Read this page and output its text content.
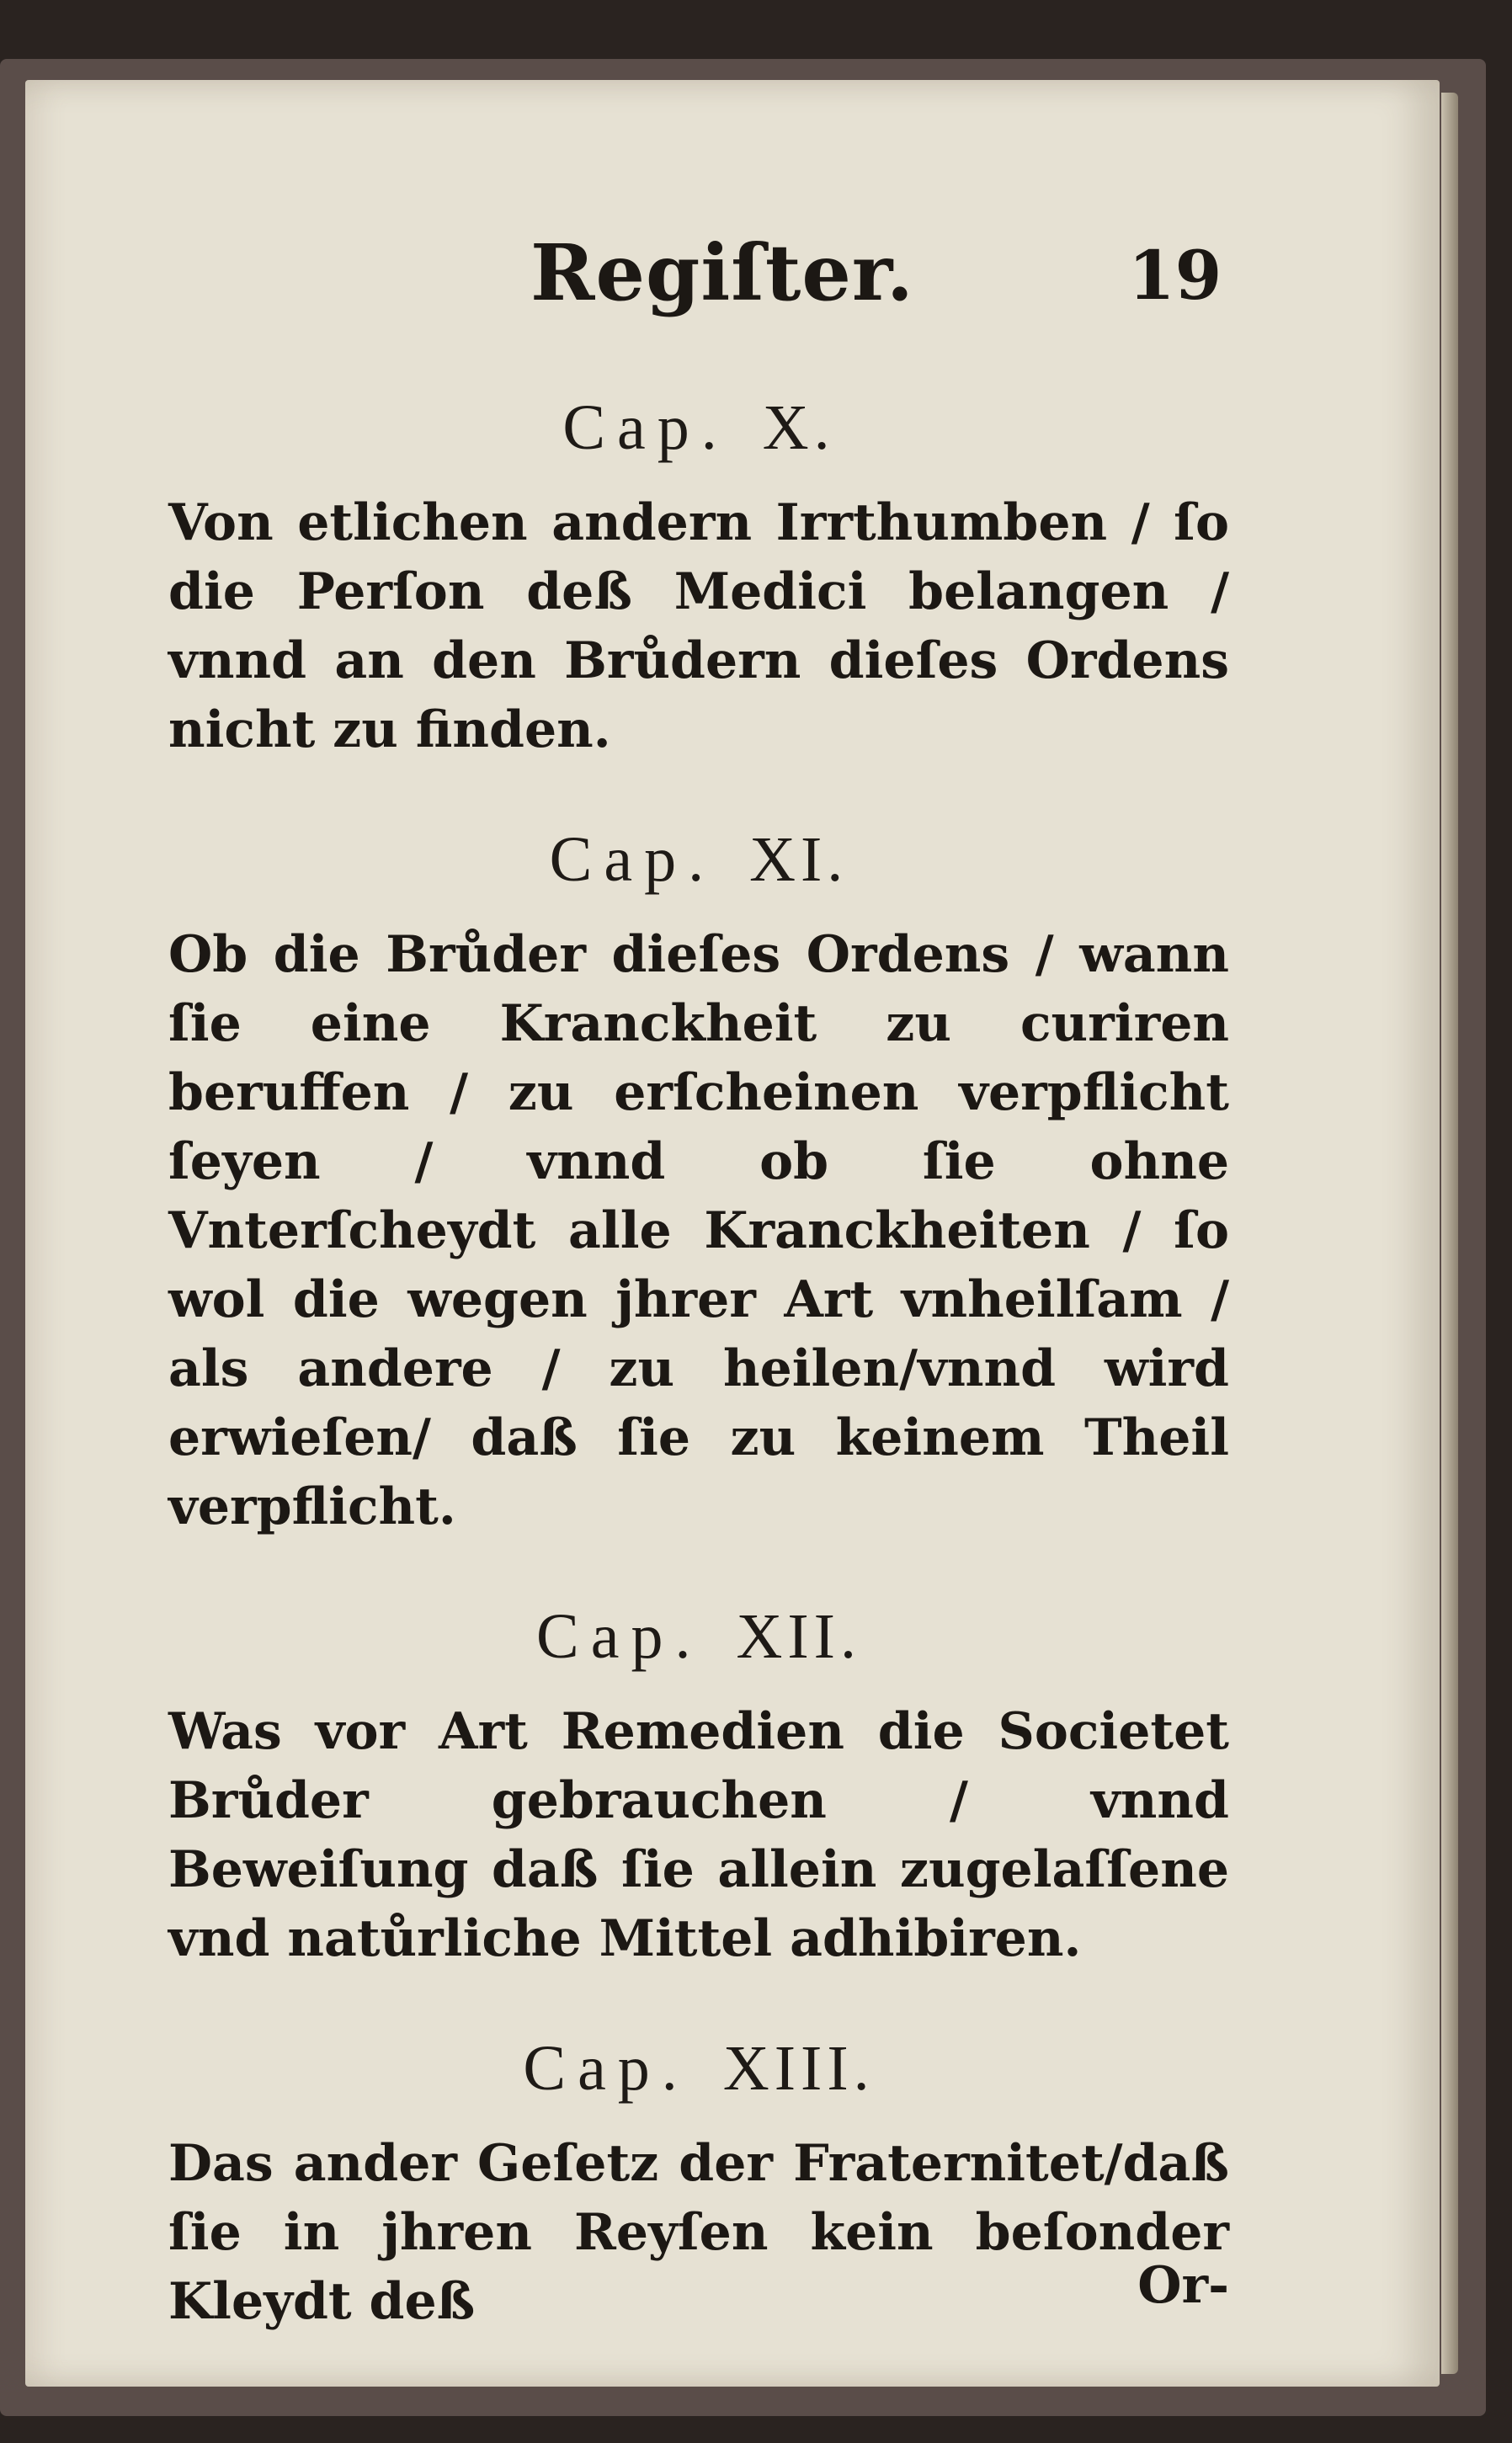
Regiſter.	19
Cap. X.
Von etlichen andern Irrthumben / ſo die Perſon deß Medici belangen / vnnd an den Brůdern dieſes Ordens nicht zu finden.
Cap. XI.
Ob die Brůder dieſes Ordens / wann ſie eine Kranckheit zu curiren beruffen / zu erſcheinen verpflicht ſeyen / vnnd ob ſie ohne Vnterſcheydt alle Kranckheiten / ſo wol die wegen jhrer Art vnheilſam / als andere / zu heilen/vnnd wird erwieſen/ daß ſie zu keinem Theil verpflicht.
Cap. XII.
Was vor Art Remedien die Societet Brůder gebrauchen / vnnd Beweiſung daß ſie allein zugelaſſene vnd natůrliche Mittel adhibiren.
Cap. XIII.
Das ander Geſetz der Fraternitet/daß ſie in jhren Reyſen kein beſonder Kleydt deß	Or-
